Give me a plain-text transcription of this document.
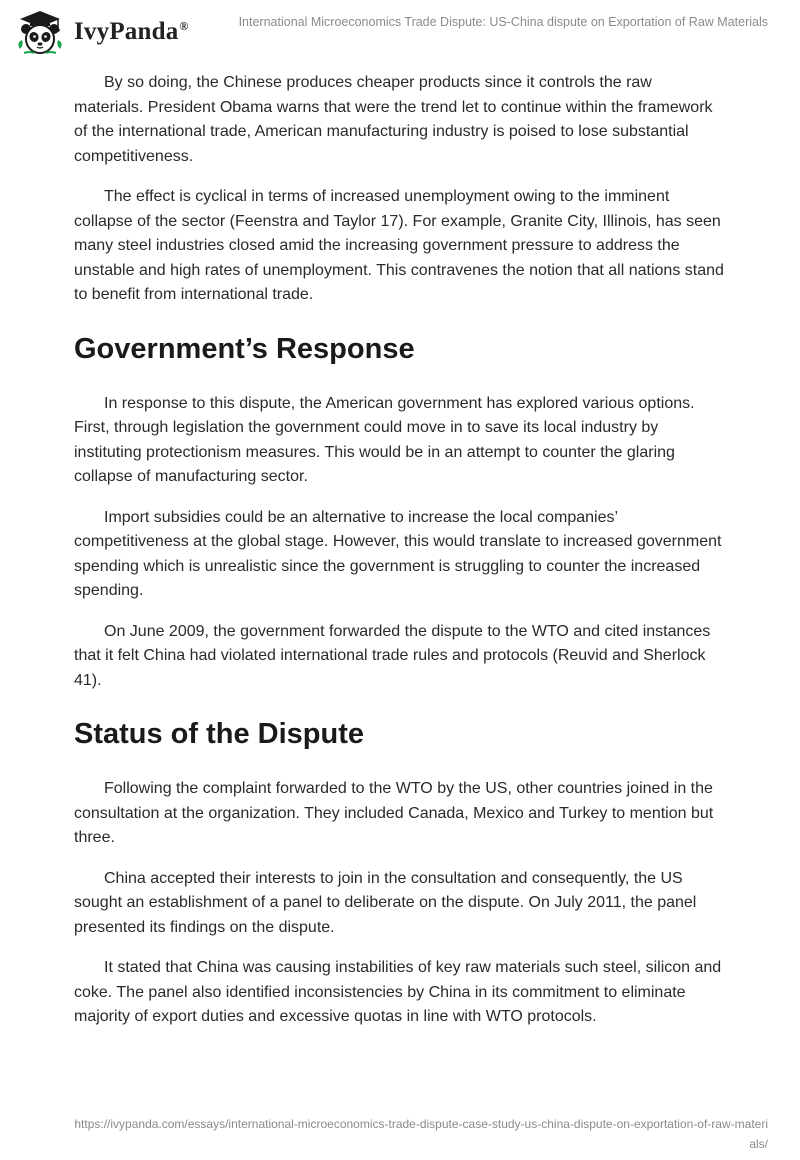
IvyPanda®	International Microeconomics Trade Dispute: US-China dispute on Exportation of Raw Materials

By so doing, the Chinese produces cheaper products since it controls the raw materials. President Obama warns that were the trend let to continue within the framework of the international trade, American manufacturing industry is poised to lose substantial competitiveness.

The effect is cyclical in terms of increased unemployment owing to the imminent collapse of the sector (Feenstra and Taylor 17). For example, Granite City, Illinois, has seen many steel industries closed amid the increasing government pressure to address the unstable and high rates of unemployment. This contravenes the notion that all nations stand to benefit from international trade.

Government’s Response

In response to this dispute, the American government has explored various options. First, through legislation the government could move in to save its local industry by instituting protectionism measures. This would be in an attempt to counter the glaring collapse of manufacturing sector.

Import subsidies could be an alternative to increase the local companies’ competitiveness at the global stage. However, this would translate to increased government spending which is unrealistic since the government is struggling to counter the increased spending.

On June 2009, the government forwarded the dispute to the WTO and cited instances that it felt China had violated international trade rules and protocols (Reuvid and Sherlock 41).

Status of the Dispute

Following the complaint forwarded to the WTO by the US, other countries joined in the consultation at the organization. They included Canada, Mexico and Turkey to mention but three.

China accepted their interests to join in the consultation and consequently, the US sought an establishment of a panel to deliberate on the dispute. On July 2011, the panel presented its findings on the dispute.

It stated that China was causing instabilities of key raw materials such steel, silicon and coke. The panel also identified inconsistencies by China in its commitment to eliminate majority of export duties and excessive quotas in line with WTO protocols.

https://ivypanda.com/essays/international-microeconomics-trade-dispute-case-study-us-china-dispute-on-exportation-of-raw-materials/
